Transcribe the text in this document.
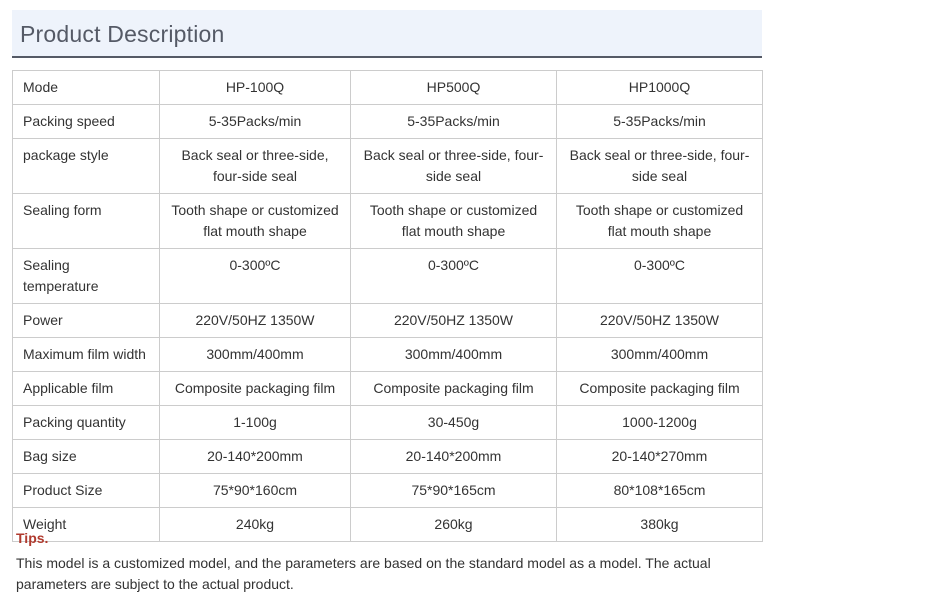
Product Description
Mode	HP-100Q	HP500Q	HP1000Q
Packing speed	5-35Packs/min	5-35Packs/min	5-35Packs/min
package style	Back seal or three-side, four-side seal	Back seal or three-side, four-side seal	Back seal or three-side, four-side seal
Sealing form	Tooth shape or customized flat mouth shape	Tooth shape or customized flat mouth shape	Tooth shape or customized flat mouth shape
Sealing temperature	0-300ºC	0-300ºC	0-300ºC
Power	220V/50HZ 1350W	220V/50HZ 1350W	220V/50HZ 1350W
Maximum film width	300mm/400mm	300mm/400mm	300mm/400mm
Applicable film	Composite packaging film	Composite packaging film	Composite packaging film
Packing quantity	1-100g	30-450g	1000-1200g
Bag size	20-140*200mm	20-140*200mm	20-140*270mm
Product Size	75*90*160cm	75*90*165cm	80*108*165cm
Weight	240kg	260kg	380kg
Tips.
This model is a customized model, and the parameters are based on the standard model as a model. The actual parameters are subject to the actual product.
